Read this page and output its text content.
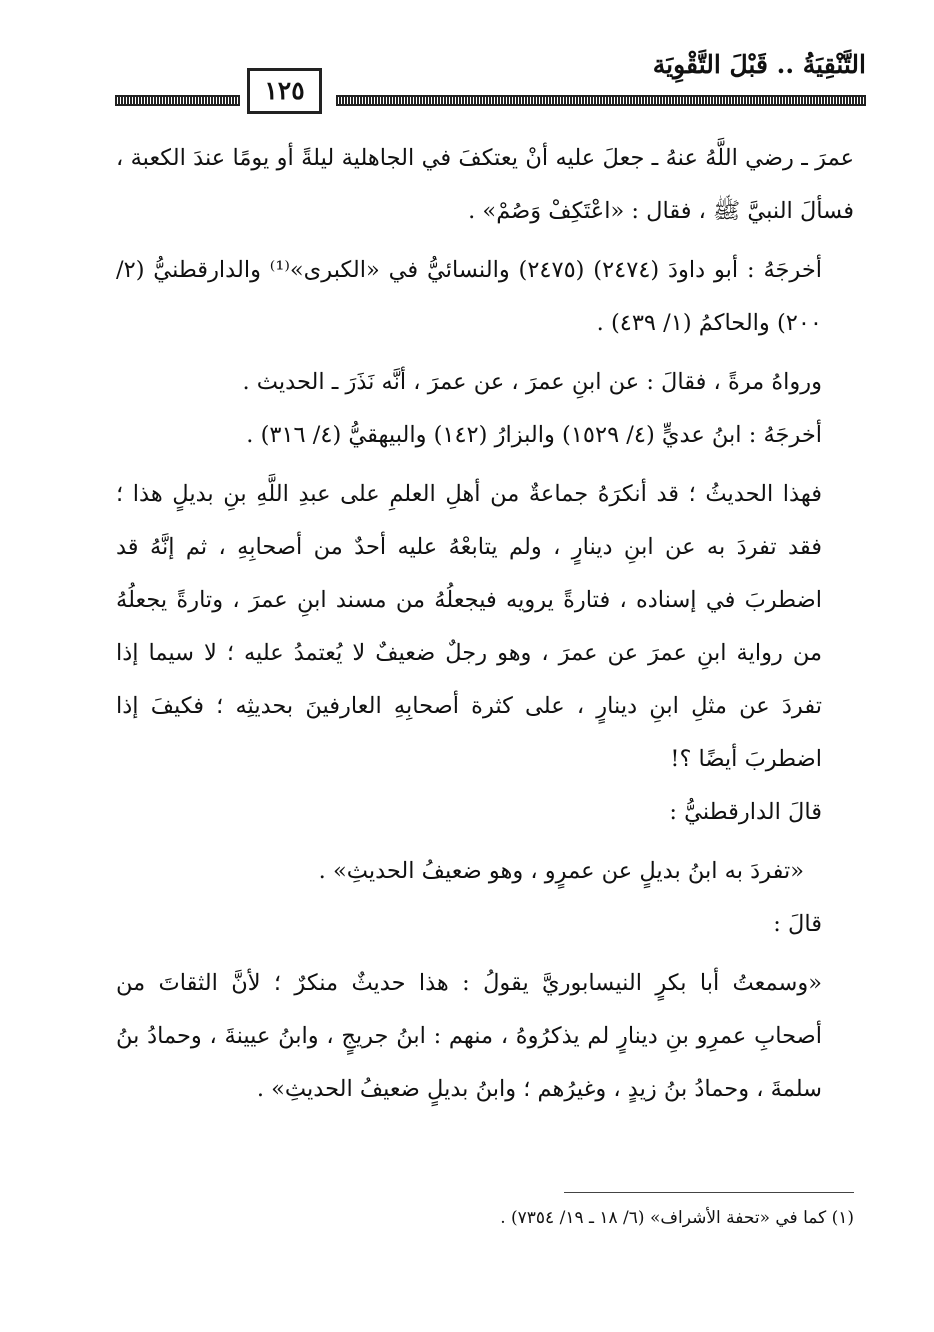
التَّنْقِيَةُ .. قَبْلَ التَّقْوِيَة
١٢٥

عمرَ ـ رضي اللَّهُ عنهُ ـ جعلَ عليه أنْ يعتكفَ في الجاهلية ليلةً أو يومًا عندَ الكعبة ، فسألَ النبيَّ ﷺ ، فقال : «اعْتَكِفْ وَصُمْ» .

أخرجَهُ : أبو داودَ (٢٤٧٤) (٢٤٧٥) والنسائيُّ في «الكبرى»⁽¹⁾ والدارقطنيُّ (٢/ ٢٠٠) والحاكمُ (١/ ٤٣٩) .

ورواهُ مرةً ، فقالَ : عن ابنِ عمرَ ، عن عمرَ ، أنَّه نَذَرَ ـ الحديث .

أخرجَهُ : ابنُ عديٍّ (٤/ ١٥٢٩) والبزارُ (١٤٢) والبيهقيُّ (٤/ ٣١٦) .

فهذا الحديثُ ؛ قد أنكرَهُ جماعةٌ من أهلِ العلمِ على عبدِ اللَّهِ بنِ بديلٍ هذا ؛ فقد تفردَ به عن ابنِ دينارٍ ، ولم يتابعْهُ عليه أحدٌ من أصحابِهِ ، ثم إنَّهُ قد اضطربَ في إسناده ، فتارةً يرويه فيجعلُهُ من مسند ابنِ عمرَ ، وتارةً يجعلُهُ من رواية ابنِ عمرَ عن عمرَ ، وهو رجلٌ ضعيفٌ لا يُعتمدُ عليه ؛ لا سيما إذا تفردَ عن مثلِ ابنِ دينارٍ ، على كثرة أصحابِهِ العارفينَ بحديثِه ؛ فكيفَ إذا اضطربَ أيضًا ؟!

قالَ الدارقطنيُّ :

«تفردَ به ابنُ بديلٍ عن عمرٍو ، وهو ضعيفُ الحديثِ» .

قالَ :

«وسمعتُ أبا بكرٍ النيسابوريَّ يقولُ : هذا حديثٌ منكرٌ ؛ لأنَّ الثقاتَ من أصحابِ عمرِو بنِ دينارٍ لم يذكرُوهُ ، منهم : ابنُ جريجٍ ، وابنُ عيينةَ ، وحمادُ بنُ سلمةَ ، وحمادُ بنُ زيدٍ ، وغيرُهم ؛ وابنُ بديلٍ ضعيفُ الحديثِ» .

(١) كما في «تحفة الأشراف» (٦/ ١٨ ـ ١٩/ ٧٣٥٤) .
